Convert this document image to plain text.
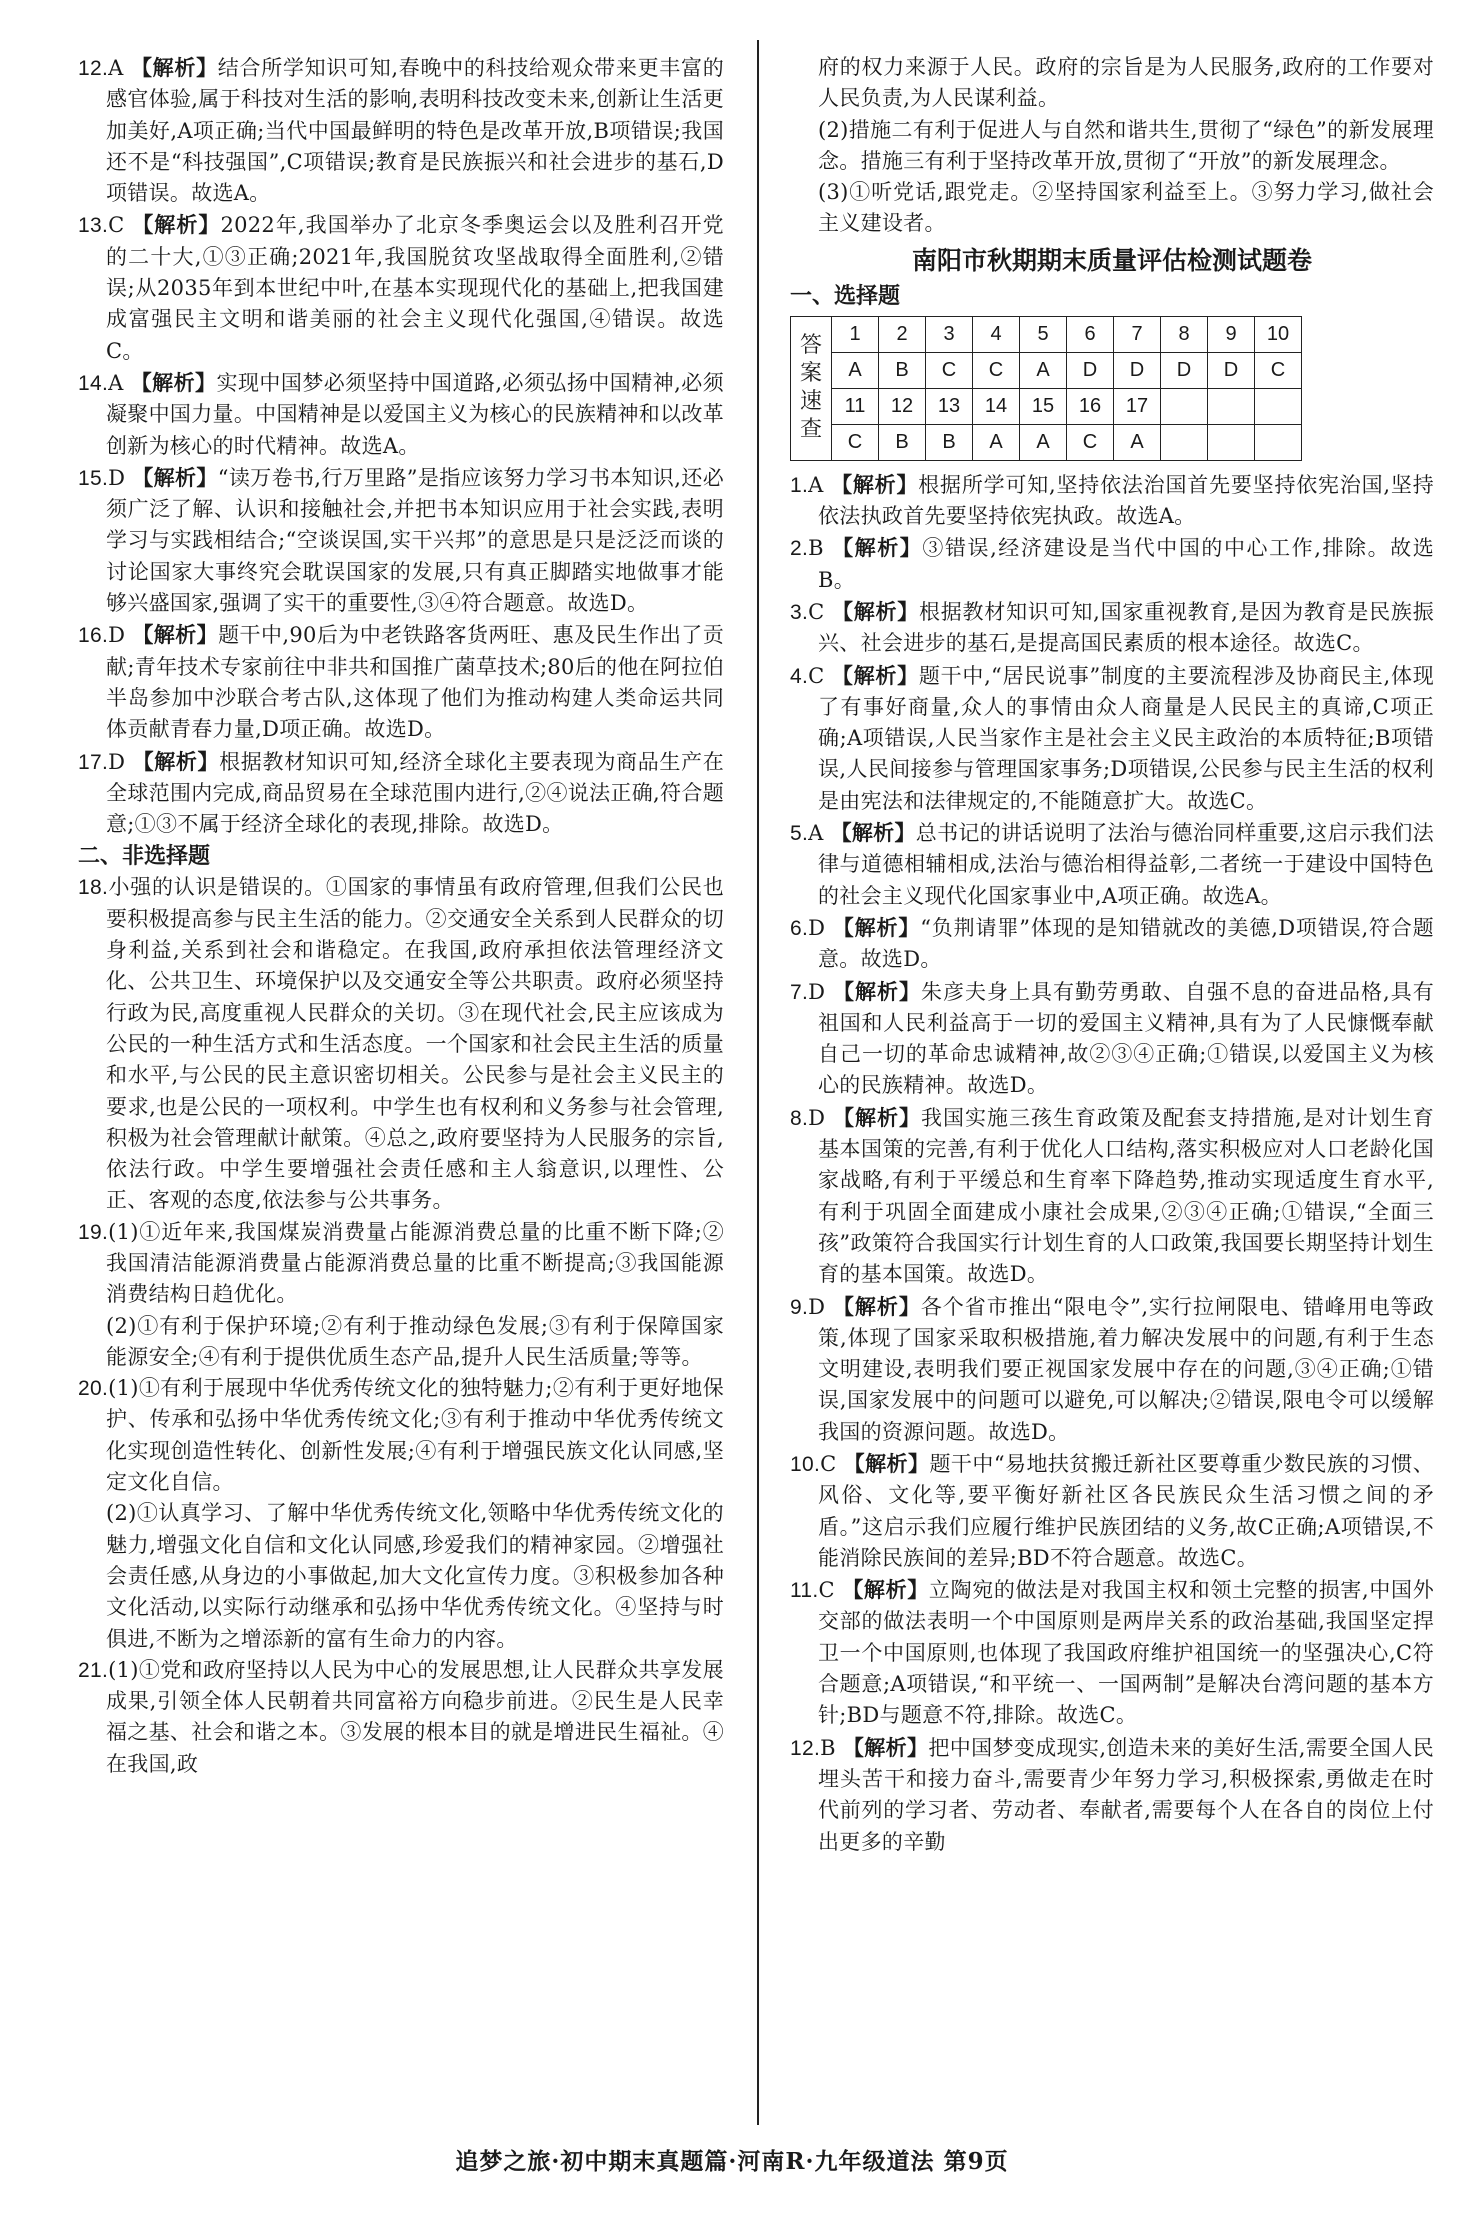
12.A 【解析】结合所学知识可知,春晚中的科技给观众带来更丰富的感官体验,属于科技对生活的影响,表明科技改变未来,创新让生活更加美好,A项正确;当代中国最鲜明的特色是改革开放,B项错误;我国还不是“科技强国”,C项错误;教育是民族振兴和社会进步的基石,D项错误。故选A。

13.C 【解析】2022年,我国举办了北京冬季奥运会以及胜利召开党的二十大,①③正确;2021年,我国脱贫攻坚战取得全面胜利,②错误;从2035年到本世纪中叶,在基本实现现代化的基础上,把我国建成富强民主文明和谐美丽的社会主义现代化强国,④错误。故选C。

14.A 【解析】实现中国梦必须坚持中国道路,必须弘扬中国精神,必须凝聚中国力量。中国精神是以爱国主义为核心的民族精神和以改革创新为核心的时代精神。故选A。

15.D 【解析】“读万卷书,行万里路”是指应该努力学习书本知识,还必须广泛了解、认识和接触社会,并把书本知识应用于社会实践,表明学习与实践相结合;“空谈误国,实干兴邦”的意思是只是泛泛而谈的讨论国家大事终究会耽误国家的发展,只有真正脚踏实地做事才能够兴盛国家,强调了实干的重要性,③④符合题意。故选D。

16.D 【解析】题干中,90后为中老铁路客货两旺、惠及民生作出了贡献;青年技术专家前往中非共和国推广菌草技术;80后的他在阿拉伯半岛参加中沙联合考古队,这体现了他们为推动构建人类命运共同体贡献青春力量,D项正确。故选D。

17.D 【解析】根据教材知识可知,经济全球化主要表现为商品生产在全球范围内完成,商品贸易在全球范围内进行,②④说法正确,符合题意;①③不属于经济全球化的表现,排除。故选D。

二、非选择题

18.小强的认识是错误的。①国家的事情虽有政府管理,但我们公民也要积极提高参与民主生活的能力。②交通安全关系到人民群众的切身利益,关系到社会和谐稳定。在我国,政府承担依法管理经济文化、公共卫生、环境保护以及交通安全等公共职责。政府必须坚持行政为民,高度重视人民群众的关切。③在现代社会,民主应该成为公民的一种生活方式和生活态度。一个国家和社会民主生活的质量和水平,与公民的民主意识密切相关。公民参与是社会主义民主的要求,也是公民的一项权利。中学生也有权利和义务参与社会管理,积极为社会管理献计献策。④总之,政府要坚持为人民服务的宗旨,依法行政。中学生要增强社会责任感和主人翁意识,以理性、公正、客观的态度,依法参与公共事务。

19.(1)①近年来,我国煤炭消费量占能源消费总量的比重不断下降;②我国清洁能源消费量占能源消费总量的比重不断提高;③我国能源消费结构日趋优化。

(2)①有利于保护环境;②有利于推动绿色发展;③有利于保障国家能源安全;④有利于提供优质生态产品,提升人民生活质量;等等。

20.(1)①有利于展现中华优秀传统文化的独特魅力;②有利于更好地保护、传承和弘扬中华优秀传统文化;③有利于推动中华优秀传统文化实现创造性转化、创新性发展;④有利于增强民族文化认同感,坚定文化自信。

(2)①认真学习、了解中华优秀传统文化,领略中华优秀传统文化的魅力,增强文化自信和文化认同感,珍爱我们的精神家园。②增强社会责任感,从身边的小事做起,加大文化宣传力度。③积极参加各种文化活动,以实际行动继承和弘扬中华优秀传统文化。④坚持与时俱进,不断为之增添新的富有生命力的内容。

21.(1)①党和政府坚持以人民为中心的发展思想,让人民群众共享发展成果,引领全体人民朝着共同富裕方向稳步前进。②民生是人民幸福之基、社会和谐之本。③发展的根本目的就是增进民生福祉。④在我国,政

府的权力来源于人民。政府的宗旨是为人民服务,政府的工作要对人民负责,为人民谋利益。

(2)措施二有利于促进人与自然和谐共生,贯彻了“绿色”的新发展理念。措施三有利于坚持改革开放,贯彻了“开放”的新发展理念。

(3)①听党话,跟党走。②坚持国家利益至上。③努力学习,做社会主义建设者。

南阳市秋期期末质量评估检测试题卷

一、选择题

答
案
速
查	1	2	3	4	5	6	7	8	9	10
	A	B	C	C	A	D	D	D	D	C
	11	12	13	14	15	16	17			
	C	B	B	A	A	C	A			

1.A 【解析】根据所学可知,坚持依法治国首先要坚持依宪治国,坚持依法执政首先要坚持依宪执政。故选A。

2.B 【解析】③错误,经济建设是当代中国的中心工作,排除。故选B。

3.C 【解析】根据教材知识可知,国家重视教育,是因为教育是民族振兴、社会进步的基石,是提高国民素质的根本途径。故选C。

4.C 【解析】题干中,“居民说事”制度的主要流程涉及协商民主,体现了有事好商量,众人的事情由众人商量是人民民主的真谛,C项正确;A项错误,人民当家作主是社会主义民主政治的本质特征;B项错误,人民间接参与管理国家事务;D项错误,公民参与民主生活的权利是由宪法和法律规定的,不能随意扩大。故选C。

5.A 【解析】总书记的讲话说明了法治与德治同样重要,这启示我们法律与道德相辅相成,法治与德治相得益彰,二者统一于建设中国特色的社会主义现代化国家事业中,A项正确。故选A。

6.D 【解析】“负荆请罪”体现的是知错就改的美德,D项错误,符合题意。故选D。

7.D 【解析】朱彦夫身上具有勤劳勇敢、自强不息的奋进品格,具有祖国和人民利益高于一切的爱国主义精神,具有为了人民慷慨奉献自己一切的革命忠诚精神,故②③④正确;①错误,以爱国主义为核心的民族精神。故选D。

8.D 【解析】我国实施三孩生育政策及配套支持措施,是对计划生育基本国策的完善,有利于优化人口结构,落实积极应对人口老龄化国家战略,有利于平缓总和生育率下降趋势,推动实现适度生育水平,有利于巩固全面建成小康社会成果,②③④正确;①错误,“全面三孩”政策符合我国实行计划生育的人口政策,我国要长期坚持计划生育的基本国策。故选D。

9.D 【解析】各个省市推出“限电令”,实行拉闸限电、错峰用电等政策,体现了国家采取积极措施,着力解决发展中的问题,有利于生态文明建设,表明我们要正视国家发展中存在的问题,③④正确;①错误,国家发展中的问题可以避免,可以解决;②错误,限电令可以缓解我国的资源问题。故选D。

10.C 【解析】题干中“易地扶贫搬迁新社区要尊重少数民族的习惯、风俗、文化等,要平衡好新社区各民族民众生活习惯之间的矛盾。”这启示我们应履行维护民族团结的义务,故C正确;A项错误,不能消除民族间的差异;BD不符合题意。故选C。

11.C 【解析】立陶宛的做法是对我国主权和领土完整的损害,中国外交部的做法表明一个中国原则是两岸关系的政治基础,我国坚定捍卫一个中国原则,也体现了我国政府维护祖国统一的坚强决心,C符合题意;A项错误,“和平统一、一国两制”是解决台湾问题的基本方针;BD与题意不符,排除。故选C。

12.B 【解析】把中国梦变成现实,创造未来的美好生活,需要全国人民埋头苦干和接力奋斗,需要青少年努力学习,积极探索,勇做走在时代前列的学习者、劳动者、奉献者,需要每个人在各自的岗位上付出更多的辛勤

追梦之旅·初中期末真题篇·河南R·九年级道法 第9页
